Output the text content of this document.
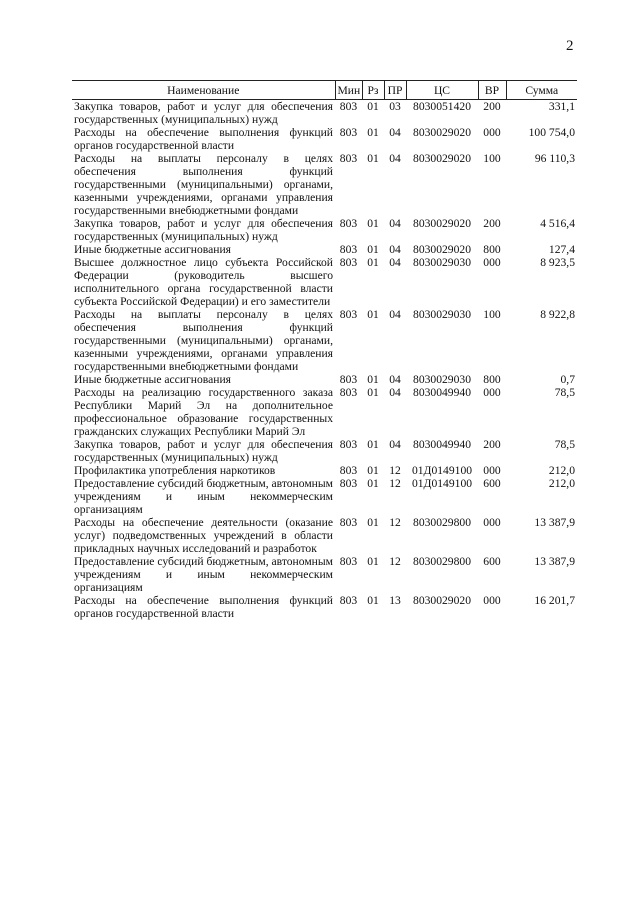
2
Наименование	Мин	Рз	ПР	ЦС	ВР	Сумма
Закупка товаров, работ и услуг для обеспечения государственных (муниципальных) нужд	803	01	03	8030051420	200	331,1
Расходы на обеспечение выполнения функций органов государственной власти	803	01	04	8030029020	000	100 754,0
Расходы на выплаты персоналу в целях обеспечения выполнения функций государственными (муниципальными) органами, казенными учреждениями, органами управления государственными внебюджетными фондами	803	01	04	8030029020	100	96 110,3
Закупка товаров, работ и услуг для обеспечения государственных (муниципальных) нужд	803	01	04	8030029020	200	4 516,4
Иные бюджетные ассигнования	803	01	04	8030029020	800	127,4
Высшее должностное лицо субъекта Российской Федерации (руководитель высшего исполнительного органа государственной власти субъекта Российской Федерации) и его заместители	803	01	04	8030029030	000	8 923,5
Расходы на выплаты персоналу в целях обеспечения выполнения функций государственными (муниципальными) органами, казенными учреждениями, органами управления государственными внебюджетными фондами	803	01	04	8030029030	100	8 922,8
Иные бюджетные ассигнования	803	01	04	8030029030	800	0,7
Расходы на реализацию государственного заказа Республики Марий Эл на дополнительное профессиональное образование государственных гражданских служащих Республики Марий Эл	803	01	04	8030049940	000	78,5
Закупка товаров, работ и услуг для обеспечения государственных (муниципальных) нужд	803	01	04	8030049940	200	78,5
Профилактика употребления наркотиков	803	01	12	01Д0149100	000	212,0
Предоставление субсидий бюджетным, автономным учреждениям и иным некоммерческим организациям	803	01	12	01Д0149100	600	212,0
Расходы на обеспечение деятельности (оказание услуг) подведомственных учреждений в области прикладных научных исследований и разработок	803	01	12	8030029800	000	13 387,9
Предоставление субсидий бюджетным, автономным учреждениям и иным некоммерческим организациям	803	01	12	8030029800	600	13 387,9
Расходы на обеспечение выполнения функций органов государственной власти	803	01	13	8030029020	000	16 201,7
